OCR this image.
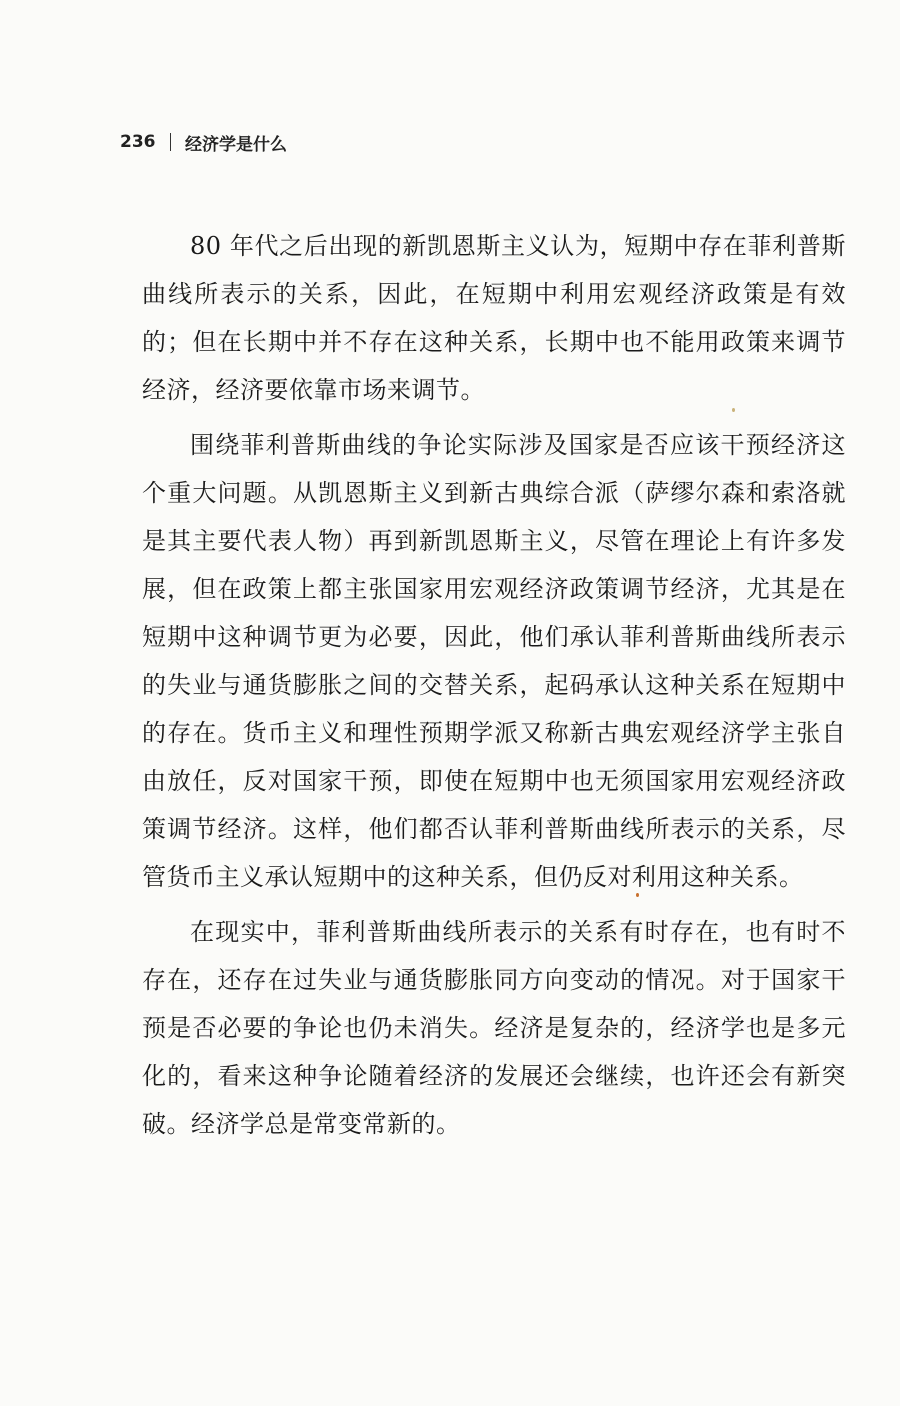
236 经济学是什么

80 年代之后出现的新凯恩斯主义认为，短期中存在菲利普斯曲线所表示的关系，因此，在短期中利用宏观经济政策是有效的；但在长期中并不存在这种关系，长期中也不能用政策来调节经济，经济要依靠市场来调节。

围绕菲利普斯曲线的争论实际涉及国家是否应该干预经济这个重大问题。从凯恩斯主义到新古典综合派（萨缪尔森和索洛就是其主要代表人物）再到新凯恩斯主义，尽管在理论上有许多发展，但在政策上都主张国家用宏观经济政策调节经济，尤其是在短期中这种调节更为必要，因此，他们承认菲利普斯曲线所表示的失业与通货膨胀之间的交替关系，起码承认这种关系在短期中的存在。货币主义和理性预期学派又称新古典宏观经济学主张自由放任，反对国家干预，即使在短期中也无须国家用宏观经济政策调节经济。这样，他们都否认菲利普斯曲线所表示的关系，尽管货币主义承认短期中的这种关系，但仍反对利用这种关系。

在现实中，菲利普斯曲线所表示的关系有时存在，也有时不存在，还存在过失业与通货膨胀同方向变动的情况。对于国家干预是否必要的争论也仍未消失。经济是复杂的，经济学也是多元化的，看来这种争论随着经济的发展还会继续，也许还会有新突破。经济学总是常变常新的。
